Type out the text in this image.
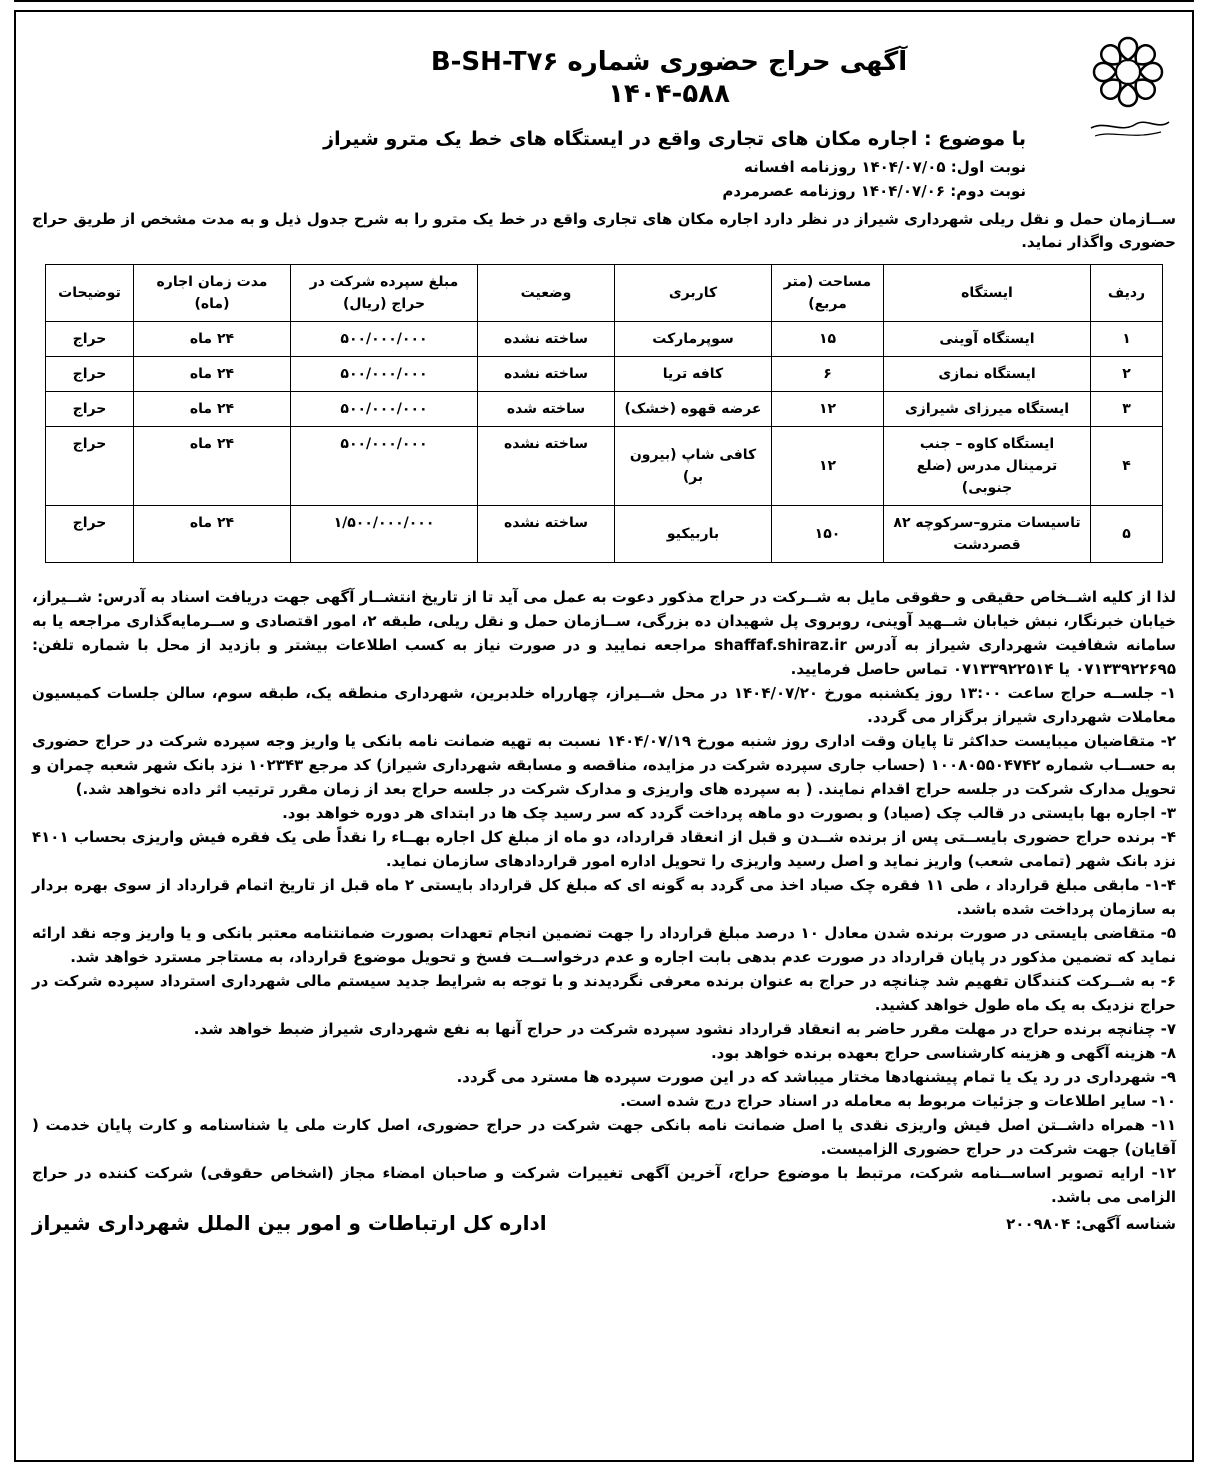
آگهی حراج حضوری شماره B-SH-T۷۶
۱۴۰۴-۵۸۸
با موضوع : اجاره مکان های تجاری واقع در ایستگاه های خط یک مترو شیراز
نوبت اول: ۱۴۰۴/۰۷/۰۵ روزنامه افسانه
نوبت دوم: ۱۴۰۴/۰۷/۰۶ روزنامه عصرمردم
ســازمان حمل و نقل ریلی شهرداری شیراز در نظر دارد اجاره مکان های تجاری واقع در خط یک مترو را به شرح جدول ذیل و به مدت مشخص از طریق حراج حضوری واگذار نماید.
ردیف	ایستگاه	مساحت (متر مربع)	کاربری	وضعیت	مبلغ سپرده شرکت در حراج (ریال)	مدت زمان اجاره (ماه)	توضیحات
۱	ایستگاه آوینی	۱۵	سوپرمارکت	ساخته نشده	۵۰۰/۰۰۰/۰۰۰	۲۴ ماه	حراج
۲	ایستگاه نمازی	۶	کافه تریا	ساخته نشده	۵۰۰/۰۰۰/۰۰۰	۲۴ ماه	حراج
۳	ایستگاه میرزای شیرازی	۱۲	عرضه قهوه (خشک)	ساخته شده	۵۰۰/۰۰۰/۰۰۰	۲۴ ماه	حراج
۴	ایستگاه کاوه – جنب ترمینال مدرس (ضلع جنوبی)	۱۲	کافی شاپ (بیرون بر)	ساخته نشده	۵۰۰/۰۰۰/۰۰۰	۲۴ ماه	حراج
۵	تاسیسات مترو–سرکوچه ۸۲ قصردشت	۱۵۰	باربیکیو	ساخته نشده	۱/۵۰۰/۰۰۰/۰۰۰	۲۴ ماه	حراج

لذا از کلیه اشــخاص حقیقی و حقوقی مایل به شــرکت در حراج مذکور دعوت به عمل می آید تا از تاریخ انتشــار آگهی جهت دریافت اسناد به آدرس: شــیراز، خیابان خبرنگار، نبش خیابان شــهید آوینی، روبروی پل شهیدان ده بزرگی، ســازمان حمل و نقل ریلی، طبقه ۲، امور اقتصادی و ســرمایه‌گذاری مراجعه یا به سامانه شفافیت شهرداری شیراز به آدرس shaffaf.shiraz.ir مراجعه نمایید و در صورت نیاز به کسب اطلاعات بیشتر و بازدید از محل با شماره تلفن: ۰۷۱۳۳۹۲۲۶۹۵ یا ۰۷۱۳۳۹۲۲۵۱۴ تماس حاصل فرمایید.

۱- جلســه حراج ساعت ۱۳:۰۰ روز یکشنبه مورخ ۱۴۰۴/۰۷/۲۰ در محل شــیراز، چهارراه خلدبرین، شهرداری منطقه یک، طبقه سوم، سالن جلسات کمیسیون معاملات شهرداری شیراز برگزار می گردد.

۲- متقاضیان میبایست حداکثر تا پایان وقت اداری روز شنبه مورخ ۱۴۰۴/۰۷/۱۹ نسبت به تهیه ضمانت نامه بانکی یا واریز وجه سپرده شرکت در حراج حضوری به حســاب شماره ۱۰۰۸۰۵۵۰۴۷۴۲ (حساب جاری سپرده شرکت در مزایده، مناقصه و مسابقه شهرداری شیراز) کد مرجع ۱۰۲۳۴۳ نزد بانک شهر شعبه چمران و تحویل مدارک شرکت در جلسه حراج اقدام نمایند. ( به سپرده های واریزی و مدارک شرکت در جلسه حراج بعد از زمان مقرر ترتیب اثر داده نخواهد شد.)

۳- اجاره بها بایستی در قالب چک (صیاد) و بصورت دو ماهه پرداخت گردد که سر رسید چک ها در ابتدای هر دوره خواهد بود.

۴- برنده حراج حضوری بایســتی پس از برنده شــدن و قبل از انعقاد قرارداد، دو ماه از مبلغ کل اجاره بهــاء را نقداً طی یک فقره فیش واریزی بحساب ۴۱۰۱ نزد بانک شهر (تمامی شعب) واریز نماید و اصل رسید واریزی را تحویل اداره امور قراردادهای سازمان نماید.

۱-۴- مابقی مبلغ قرارداد ، طی ۱۱ فقره چک صیاد اخذ می گردد به گونه ای که مبلغ کل قرارداد بایستی ۲ ماه قبل از تاریخ اتمام قرارداد از سوی بهره بردار به سازمان پرداخت شده باشد.

۵- متقاضی بایستی در صورت برنده شدن معادل ۱۰ درصد مبلغ قرارداد را جهت تضمین انجام تعهدات بصورت ضمانتنامه معتبر بانکی و یا واریز وجه نقد ارائه نماید که تضمین مذکور در پایان قرارداد در صورت عدم بدهی بابت اجاره و عدم درخواســت فسخ و تحویل موضوع قرارداد، به مستاجر مسترد خواهد شد.

۶- به شــرکت کنندگان تفهیم شد چنانچه در حراج به عنوان برنده معرفی نگردیدند و با توجه به شرایط جدید سیستم مالی شهرداری استرداد سپرده شرکت در حراج نزدیک به یک ماه طول خواهد کشید.

۷- چنانچه برنده حراج در مهلت مقرر حاضر به انعقاد قرارداد نشود سپرده شرکت در حراج آنها به نفع شهرداری شیراز ضبط خواهد شد.

۸- هزینه آگهی و هزینه کارشناسی حراج بعهده برنده خواهد بود.

۹- شهرداری در رد یک یا تمام پیشنهادها مختار میباشد که در این صورت سپرده ها مسترد می گردد.

۱۰- سایر اطلاعات و جزئیات مربوط به معامله در اسناد حراج درج شده است.

۱۱- همراه داشــتن اصل فیش واریزی نقدی یا اصل ضمانت نامه بانکی جهت شرکت در حراج حضوری، اصل کارت ملی یا شناسنامه و کارت پایان خدمت ( آقایان) جهت شرکت در حراج حضوری الزامیست.

۱۲- ارایه تصویر اساســنامه شرکت، مرتبط با موضوع حراج، آخرین آگهی تغییرات شرکت و صاحبان امضاء مجاز (اشخاص حقوقی) شرکت کننده در حراج الزامی می باشد.

شناسه آگهی: ۲۰۰۹۸۰۴
اداره کل ارتباطات و امور بین الملل شهرداری شیراز
